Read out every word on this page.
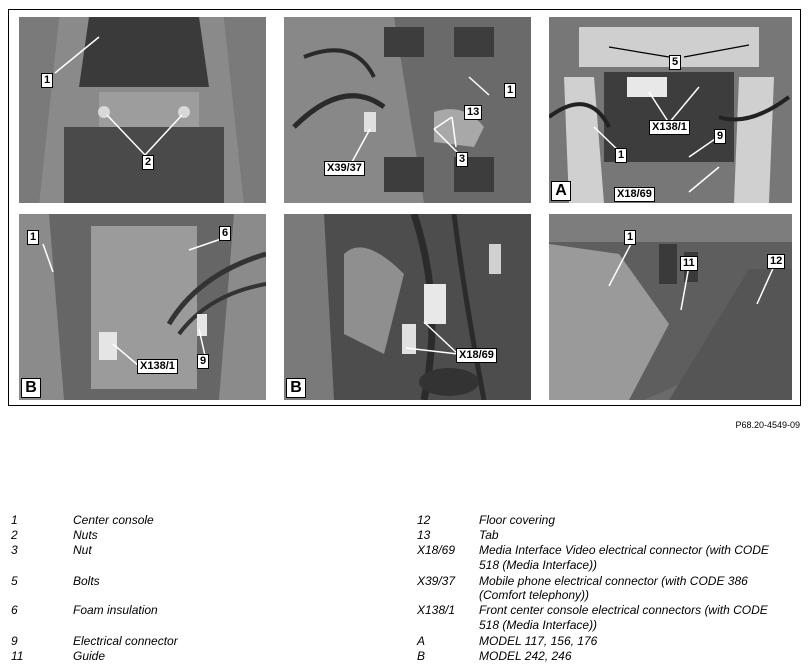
1
2
1
13
3
X39/37
5
X138/1
9
1
X18/69
A
1	6
X138/1 9
B
X18/69
B
1
11	12
P68.20-4549-09
1	Center console
2	Nuts
3	Nut
5	Bolts
6	Foam insulation
9	Electrical connector
11	Guide
12	Floor covering
13	Tab
X18/69 Media Interface Video electrical connector (with CODE
518 (Media Interface))
X39/37 Mobile phone electrical connector (with CODE 386
(Comfort telephony))
X138/1 Front center console electrical connectors (with CODE
518 (Media Interface))
A	MODEL 117, 156, 176
B	MODEL 242, 246
